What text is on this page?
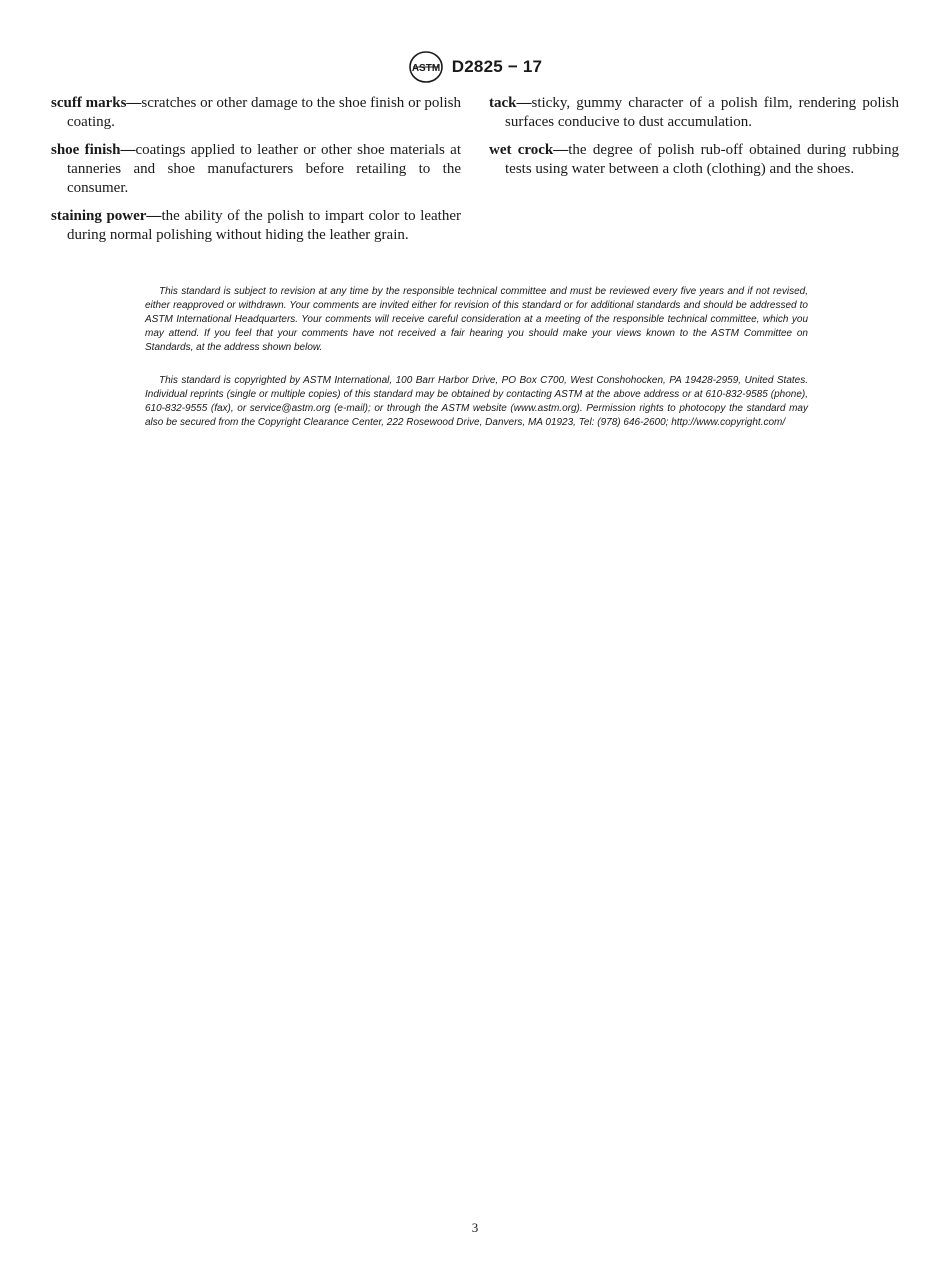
ASTM D2825 − 17

scuff marks—scratches or other damage to the shoe finish or polish coating.

shoe finish—coatings applied to leather or other shoe materials at tanneries and shoe manufacturers before retailing to the consumer.

staining power—the ability of the polish to impart color to leather during normal polishing without hiding the leather grain.

tack—sticky, gummy character of a polish film, rendering polish surfaces conducive to dust accumulation.

wet crock—the degree of polish rub-off obtained during rubbing tests using water between a cloth (clothing) and the shoes.

This standard is subject to revision at any time by the responsible technical committee and must be reviewed every five years and if not revised, either reapproved or withdrawn. Your comments are invited either for revision of this standard or for additional standards and should be addressed to ASTM International Headquarters. Your comments will receive careful consideration at a meeting of the responsible technical committee, which you may attend. If you feel that your comments have not received a fair hearing you should make your views known to the ASTM Committee on Standards, at the address shown below.

This standard is copyrighted by ASTM International, 100 Barr Harbor Drive, PO Box C700, West Conshohocken, PA 19428-2959, United States. Individual reprints (single or multiple copies) of this standard may be obtained by contacting ASTM at the above address or at 610-832-9585 (phone), 610-832-9555 (fax), or service@astm.org (e-mail); or through the ASTM website (www.astm.org). Permission rights to photocopy the standard may also be secured from the Copyright Clearance Center, 222 Rosewood Drive, Danvers, MA 01923, Tel: (978) 646-2600; http://www.copyright.com/

3
